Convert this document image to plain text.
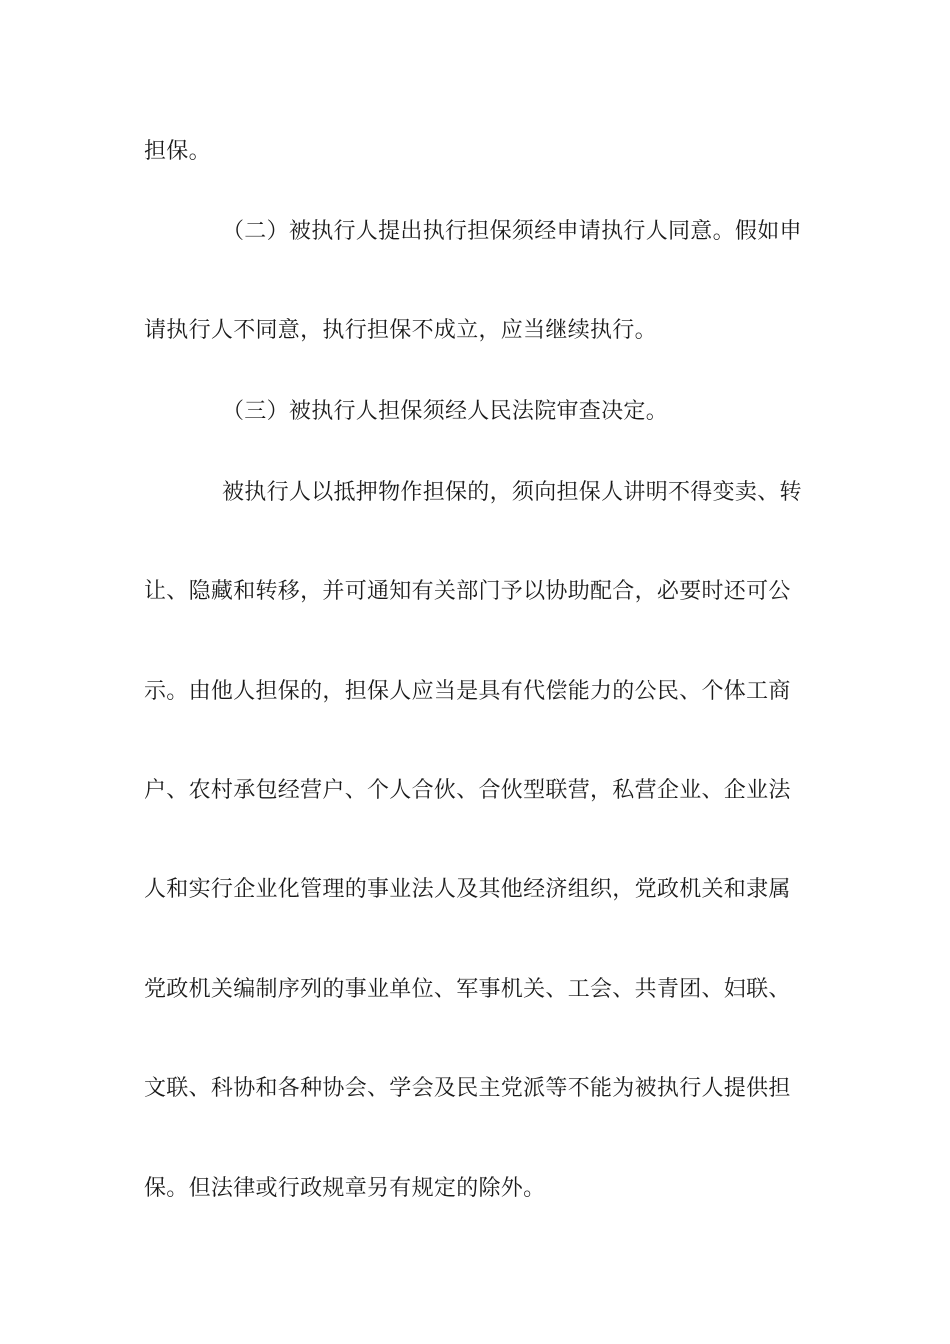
担保。
（二）被执行人提出执行担保须经申请执行人同意。假如申
请执行人不同意，执行担保不成立，应当继续执行。
（三）被执行人担保须经人民法院审查决定。
被执行人以抵押物作担保的，须向担保人讲明不得变卖、转
让、隐藏和转移，并可通知有关部门予以协助配合，必要时还可公
示。由他人担保的，担保人应当是具有代偿能力的公民、个体工商
户、农村承包经营户、个人合伙、合伙型联营，私营企业、企业法
人和实行企业化管理的事业法人及其他经济组织，党政机关和隶属
党政机关编制序列的事业单位、军事机关、工会、共青团、妇联、
文联、科协和各种协会、学会及民主党派等不能为被执行人提供担
保。但法律或行政规章另有规定的除外。
